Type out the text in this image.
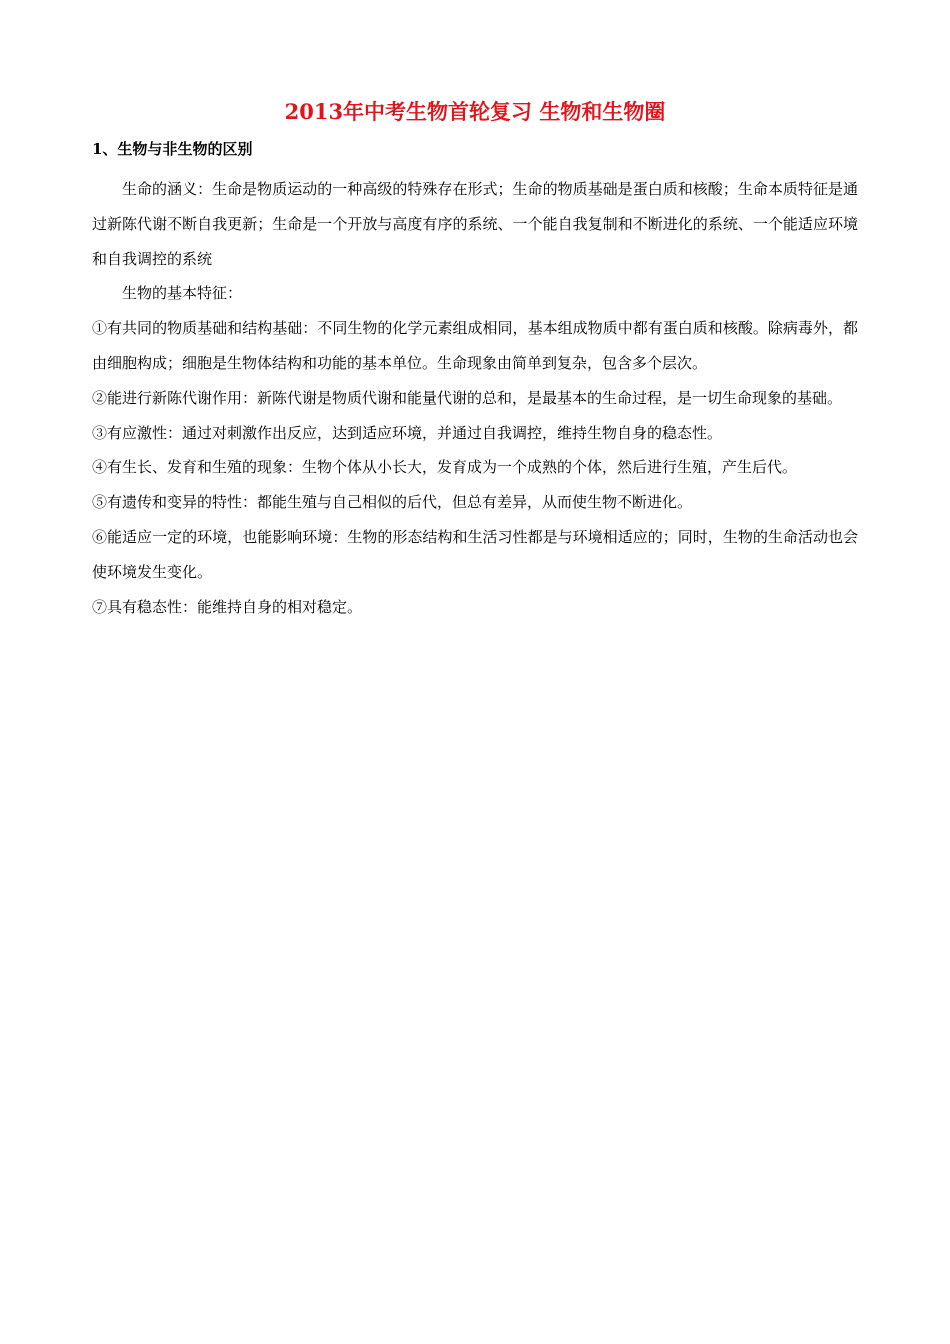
2013年中考生物首轮复习 生物和生物圈
1、生物与非生物的区别

生命的涵义：生命是物质运动的一种高级的特殊存在形式；生命的物质基础是蛋白质和核酸；生命本质特征是通过新陈代谢不断自我更新；生命是一个开放与高度有序的系统、一个能自我复制和不断进化的系统、一个能适应环境和自我调控的系统

生物的基本特征：

①有共同的物质基础和结构基础：不同生物的化学元素组成相同，基本组成物质中都有蛋白质和核酸。除病毒外，都由细胞构成；细胞是生物体结构和功能的基本单位。生命现象由简单到复杂，包含多个层次。

②能进行新陈代谢作用：新陈代谢是物质代谢和能量代谢的总和，是最基本的生命过程，是一切生命现象的基础。

③有应激性：通过对刺激作出反应，达到适应环境，并通过自我调控，维持生物自身的稳态性。

④有生长、发育和生殖的现象：生物个体从小长大，发育成为一个成熟的个体，然后进行生殖，产生后代。

⑤有遗传和变异的特性：都能生殖与自己相似的后代，但总有差异，从而使生物不断进化。

⑥能适应一定的环境，也能影响环境：生物的形态结构和生活习性都是与环境相适应的；同时，生物的生命活动也会使环境发生变化。

⑦具有稳态性：能维持自身的相对稳定。
